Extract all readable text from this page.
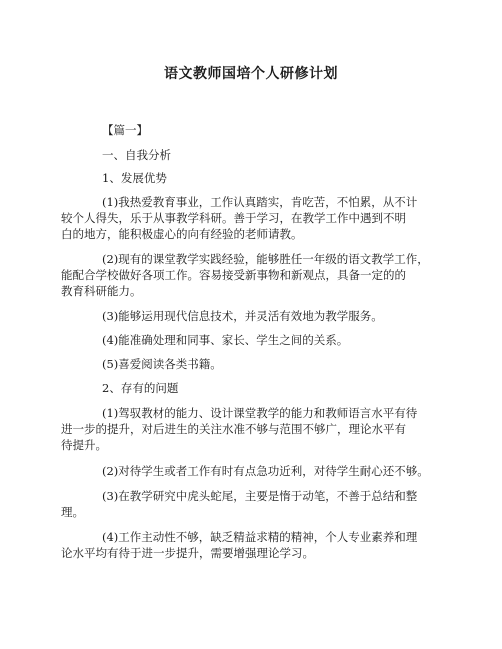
语文教师国培个人研修计划
【篇一】
一、自我分析
1、发展优势
(1)我热爱教育事业，工作认真踏实，肯吃苦，不怕累，从不计
较个人得失，乐于从事教学科研。善于学习，在教学工作中遇到不明
白的地方，能积极虚心的向有经验的老师请教。
(2)现有的课堂教学实践经验，能够胜任一年级的语文教学工作，
能配合学校做好各项工作。容易接受新事物和新观点，具备一定的的
教育科研能力。
(3)能够运用现代信息技术，并灵活有效地为教学服务。
(4)能准确处理和同事、家长、学生之间的关系。
(5)喜爱阅读各类书籍。
2、存有的问题
(1)驾驭教材的能力、设计课堂教学的能力和教师语言水平有待
进一步的提升，对后进生的关注水准不够与范围不够广，理论水平有
待提升。
(2)对待学生或者工作有时有点急功近利，对待学生耐心还不够。
(3)在教学研究中虎头蛇尾，主要是惰于动笔，不善于总结和整
理。
(4)工作主动性不够，缺乏精益求精的精神，个人专业素养和理
论水平均有待于进一步提升，需要增强理论学习。
